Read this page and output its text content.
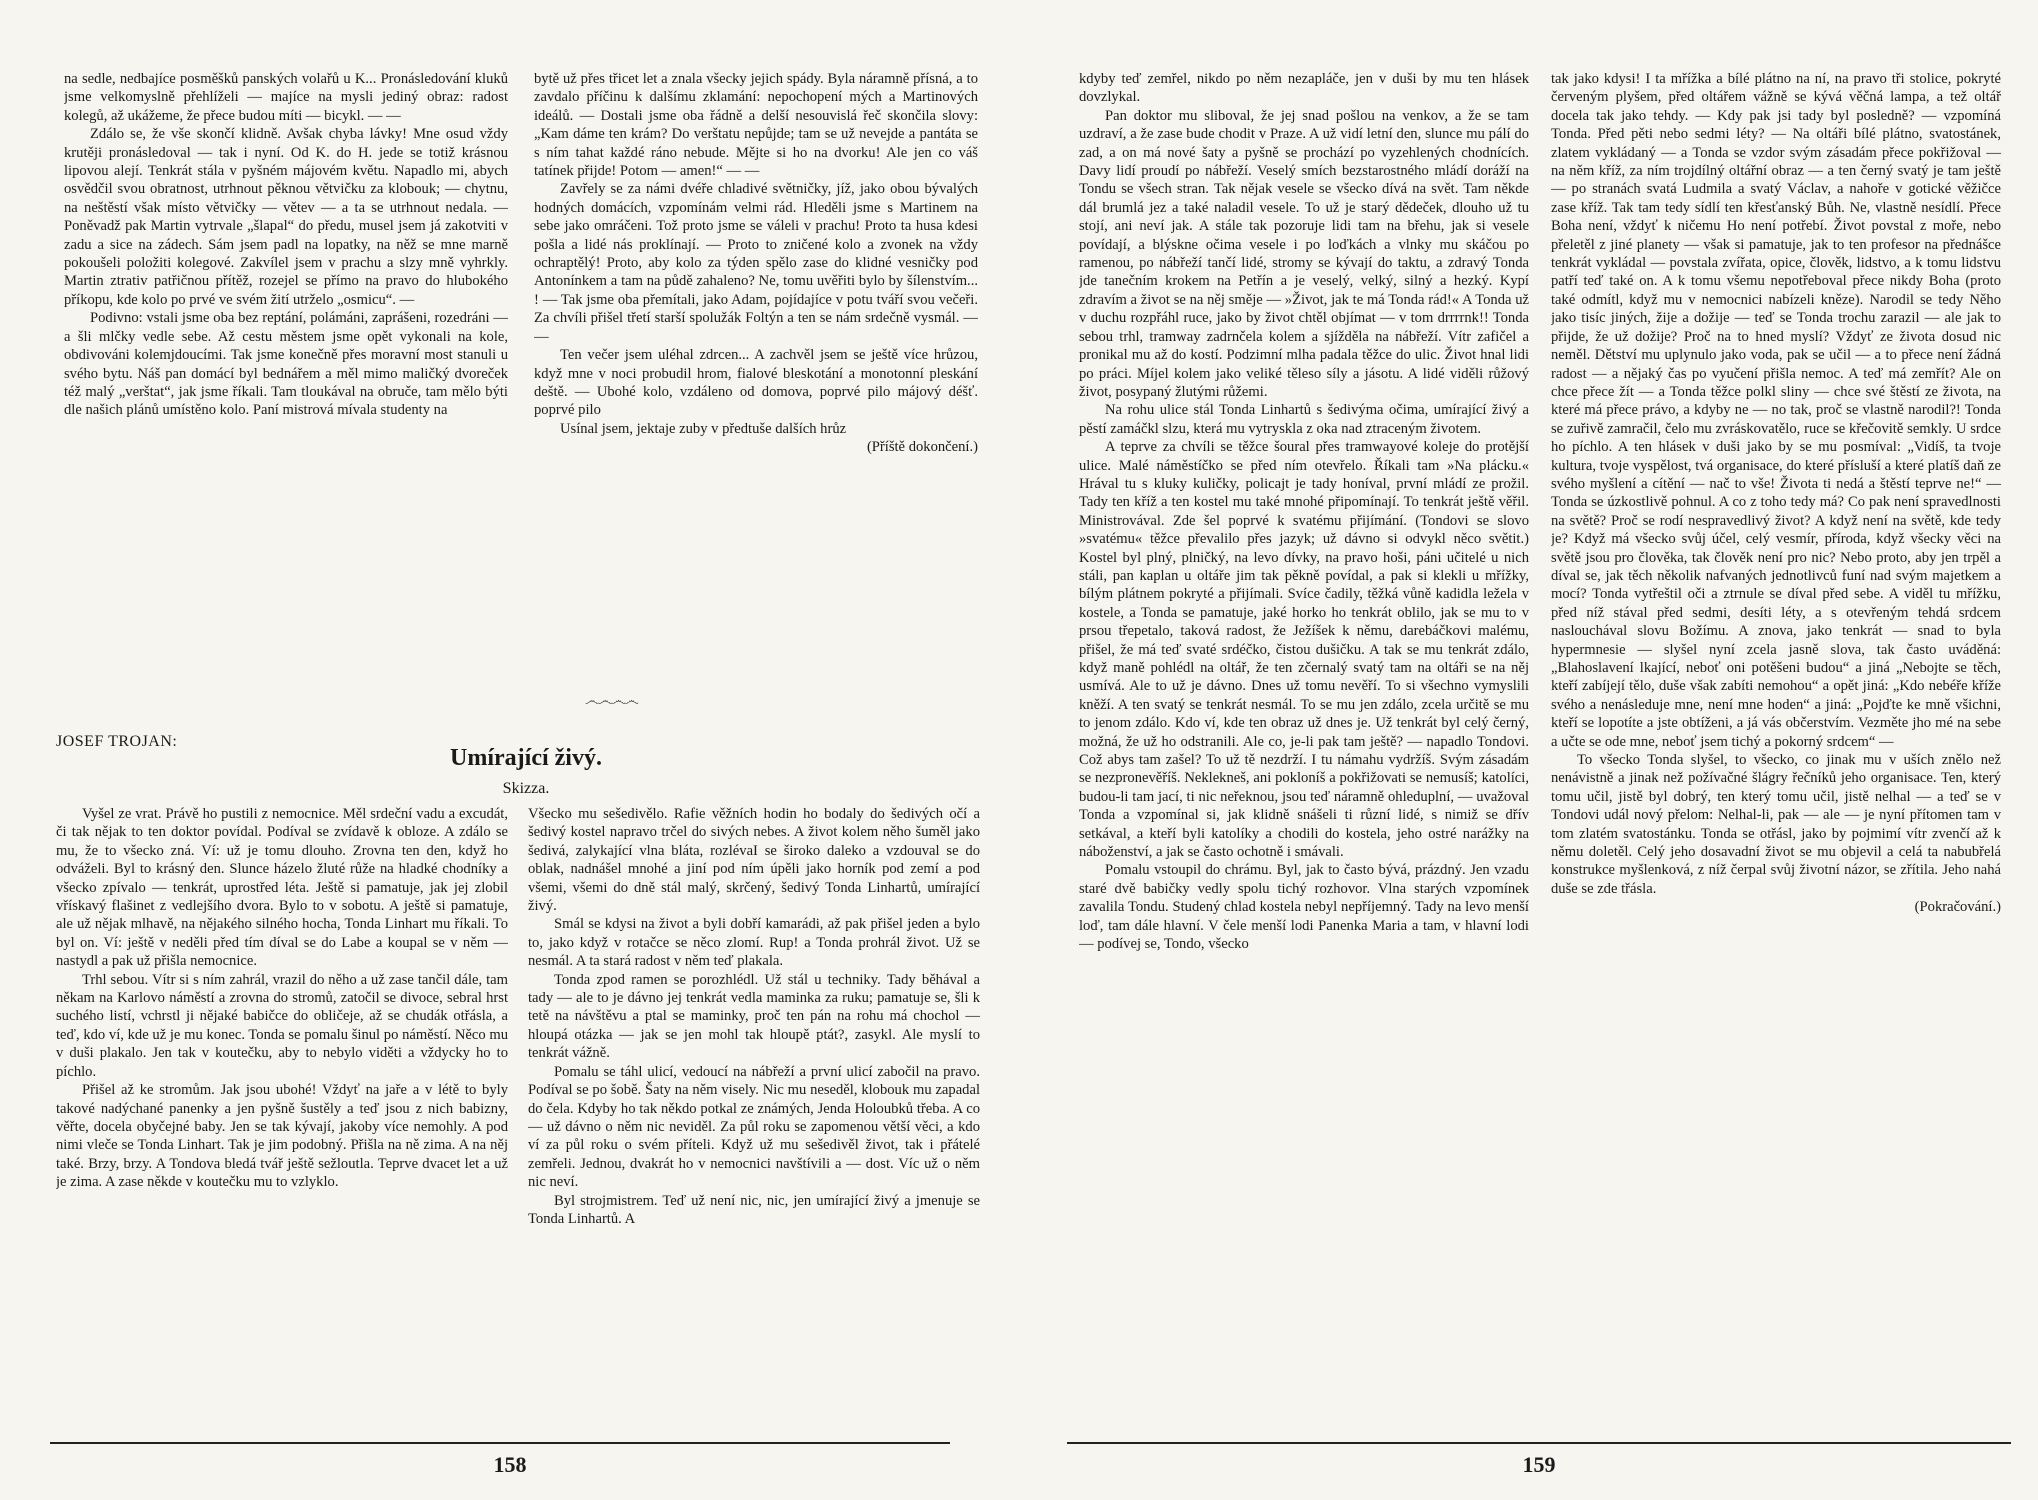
na sedle, nedbajíce posměšků panských volařů u K... Pronásledování kluků jsme velkomyslně přehlíželi — majíce na mysli jediný obraz: radost kolegů, až ukážeme, že přece budou míti — bicykl. — —

Zdálo se, že vše skončí klidně. Avšak chyba lávky! Mne osud vždy krutěji pronásledoval — tak i nyní. Od K. do H. jede se totiž krásnou lipovou alejí. Tenkrát stála v pyšném májovém květu. Napadlo mi, abych osvědčil svou obratnost, utrhnout pěknou větvičku za klobouk; — chytnu, na neštěstí však místo větvičky — větev — a ta se utrhnout nedala. — Poněvadž pak Martin vytrvale „šlapal“ do předu, musel jsem já zakotviti v zadu a sice na zádech. Sám jsem padl na lopatky, na něž se mne marně pokoušeli položiti kolegové. Zakvílel jsem v prachu a slzy mně vyhrkly. Martin ztrativ patřičnou přítěž, rozejel se přímo na pravo do hlubokého příkopu, kde kolo po prvé ve svém žití utrželo „osmicu“. —

Podivno: vstali jsme oba bez reptání, polámáni, zaprášeni, rozedráni — a šli mlčky vedle sebe. Až cestu městem jsme opět vykonali na kole, obdivováni kolemjdoucími. Tak jsme konečně přes moravní most stanuli u svého bytu. Náš pan domácí byl bednářem a měl mimo maličký dvoreček též malý „verštat“, jak jsme říkali. Tam tloukával na obruče, tam mělo býti dle našich plánů umístěno kolo. Paní mistrová mívala studenty na

bytě už přes třicet let a znala všecky jejich spády. Byla náramně přísná, a to zavdalo příčinu k dalšímu zklamání: nepochopení mých a Martinových ideálů. — Dostali jsme oba řádně a delší nesouvislá řeč skončila slovy: „Kam dáme ten krám? Do verštatu nepůjde; tam se už nevejde a pantáta se s ním tahat každé ráno nebude. Mějte si ho na dvorku! Ale jen co váš tatínek přijde! Potom — amen!“ — —

Zavřely se za námi dvéře chladivé světničky, jíž, jako obou bývalých hodných domácích, vzpomínám velmi rád. Hleděli jsme s Martinem na sebe jako omráčeni. Tož proto jsme se váleli v prachu! Proto ta husa kdesi pošla a lidé nás proklínají. — Proto to zničené kolo a zvonek na vždy ochraptělý! Proto, aby kolo za týden spělo zase do klidné vesničky pod Antonínkem a tam na půdě zahaleno? Ne, tomu uvěřiti bylo by šílenstvím... ! — Tak jsme oba přemítali, jako Adam, pojídajíce v potu tváří svou večeři. Za chvíli přišel třetí starší spolužák Foltýn a ten se nám srdečně vysmál. — —

Ten večer jsem uléhal zdrcen... A zachvěl jsem se ještě více hrůzou, když mne v noci probudil hrom, fialové bleskotání a monotonní pleskání deště. — Ubohé kolo, vzdáleno od domova, poprvé pilo májový déšť. poprvé pilo

Usínal jsem, jektaje zuby v předtuše dalších hrůz

(Příště dokončení.)

෴෴෴෴
JOSEF TROJAN:
Umírající živý.
Skizza.

Vyšel ze vrat. Právě ho pustili z nemocnice. Měl srdeční vadu a excudát, či tak nějak to ten doktor povídal. Podíval se zvídavě k obloze. A zdálo se mu, že to všecko zná. Ví: už je tomu dlouho. Zrovna ten den, když ho odváželi. Byl to krásný den. Slunce házelo žluté růže na hladké chodníky a všecko zpívalo — tenkrát, uprostřed léta. Ještě si pamatuje, jak jej zlobil vřískavý flašinet z vedlejšího dvora. Bylo to v sobotu. A ještě si pamatuje, ale už nějak mlhavě, na nějakého silného hocha, Tonda Linhart mu říkali. To byl on. Ví: ještě v neděli před tím díval se do Labe a koupal se v něm — nastydl a pak už přišla nemocnice.

Trhl sebou. Vítr si s ním zahrál, vrazil do něho a už zase tančil dále, tam někam na Karlovo náměstí a zrovna do stromů, zatočil se divoce, sebral hrst suchého listí, vchrstl ji nějaké babičce do obličeje, až se chudák otřásla, a teď, kdo ví, kde už je mu konec. Tonda se pomalu šinul po náměstí. Něco mu v duši plakalo. Jen tak v koutečku, aby to nebylo viděti a vždycky ho to píchlo.

Přišel až ke stromům. Jak jsou ubohé! Vždyť na jaře a v létě to byly takové nadýchané panenky a jen pyšně šustěly a teď jsou z nich babizny, věřte, docela obyčejné baby. Jen se tak kývají, jakoby více nemohly. A pod nimi vleče se Tonda Linhart. Tak je jim podobný. Přišla na ně zima. A na něj také. Brzy, brzy. A Tondova bledá tvář ještě sežloutla. Teprve dvacet let a už je zima. A zase někde v koutečku mu to vzlyklo.

Všecko mu sešedivělo. Rafie věžních hodin ho bodaly do šedivých očí a šedivý kostel napravo trčel do sivých nebes. A život kolem něho šuměl jako šedivá, zalykající vlna bláta, rozlévaI se široko daleko a vzdouval se do oblak, nadnášel mnohé a jiní pod ním úpěli jako horník pod zemí a pod všemi, všemi do dně stál malý, skrčený, šedivý Tonda Linhartů, umírající živý.

Smál se kdysi na život a byli dobří kamarádi, až pak přišel jeden a bylo to, jako když v rotačce se něco zlomí. Rup! a Tonda prohrál život. Už se nesmál. A ta stará radost v něm teď plakala.

Tonda zpod ramen se porozhlédl. Už stál u techniky. Tady běhával a tady — ale to je dávno jej tenkrát vedla maminka za ruku; pamatuje se, šli k tetě na návštěvu a ptal se maminky, proč ten pán na rohu má chochol — hloupá otázka — jak se jen mohl tak hloupě ptát?, zasykl. Ale myslí to tenkrát vážně.

Pomalu se táhl ulicí, vedoucí na nábřeží a první ulicí zabočil na pravo. Podíval se po šobě. Šaty na něm visely. Nic mu neseděl, klobouk mu zapadal do čela. Kdyby ho tak někdo potkal ze známých, Jenda Holoubků třeba. A co — už dávno o něm nic neviděl. Za půl roku se zapomenou větší věci, a kdo ví za půl roku o svém příteli. Když už mu sešedivěl život, tak i přátelé zemřeli. Jednou, dvakrát ho v nemocnici navštívili a — dost. Víc už o něm nic neví.

Byl strojmistrem. Teď už není nic, nic, jen umírající živý a jmenuje se Tonda Linhartů. A

158

kdyby teď zemřel, nikdo po něm nezapláče, jen v duši by mu ten hlásek dovzlykal.

Pan doktor mu sliboval, že jej snad pošlou na venkov, a že se tam uzdraví, a že zase bude chodit v Praze. A už vidí letní den, slunce mu pálí do zad, a on má nové šaty a pyšně se prochází po vyzehlených chodnících. Davy lidí proudí po nábřeží. Veselý smích bezstarostného mládí doráží na Tondu se všech stran. Tak nějak vesele se všecko dívá na svět. Tam někde dál brumlá jez a také naladil vesele. To už je starý dědeček, dlouho už tu stojí, ani neví jak. A stále tak pozoruje lidi tam na břehu, jak si vesele povídají, a blýskne očima vesele i po loďkách a vlnky mu skáčou po ramenou, po nábřeží tančí lidé, stromy se kývají do taktu, a zdravý Tonda jde tanečním krokem na Petřín a je veselý, velký, silný a hezký. Kypí zdravím a život se na něj směje — »Život, jak te má Tonda rád!« A Tonda už v duchu rozpřáhl ruce, jako by život chtěl objímat — v tom drrrrnk!! Tonda sebou trhl, tramway zadrnčela kolem a sjížděla na nábřeží. Vítr zafičel a pronikal mu až do kostí. Podzimní mlha padala těžce do ulic. Život hnal lidi po práci. Míjel kolem jako veliké těleso síly a jásotu. A lidé viděli růžový život, posypaný žlutými růžemi.

Na rohu ulice stál Tonda Linhartů s šedivýma očima, umírající živý a pěstí zamáčkl slzu, která mu vytryskla z oka nad ztraceným životem.

A teprve za chvíli se těžce šoural přes tramwayové koleje do protější ulice. Malé náměstíčko se před ním otevřelo. Říkali tam »Na plácku.« Hrával tu s kluky kuličky, policajt je tady honíval, první mládí ze prožil. Tady ten kříž a ten kostel mu také mnohé připomínají. To tenkrát ještě věřil. Ministrovával. Zde šel poprvé k svatému přijímání. (Tondovi se slovo »svatému« těžce převalilo přes jazyk; už dávno si odvykl něco světit.) Kostel byl plný, plničký, na levo dívky, na pravo hoši, páni učitelé u nich stáli, pan kaplan u oltáře jim tak pěkně povídal, a pak si klekli u mřížky, bílým plátnem pokryté a přijímali. Svíce čadily, těžká vůně kadidla ležela v kostele, a Tonda se pamatuje, jaké horko ho tenkrát oblilo, jak se mu to v prsou třepetalo, taková radost, že Ježíšek k němu, darebáčkovi malému, přišel, že má teď svaté srdéčko, čistou dušičku. A tak se mu tenkrát zdálo, když maně pohlédl na oltář, že ten zčernalý svatý tam na oltáři se na něj usmívá. Ale to už je dávno. Dnes už tomu nevěří. To si všechno vymyslili kněží. A ten svatý se tenkrát nesmál. To se mu jen zdálo, zcela určitě se mu to jenom zdálo. Kdo ví, kde ten obraz už dnes je. Už tenkrát byl celý černý, možná, že už ho odstranili. Ale co, je-li pak tam ještě? — napadlo Tondovi. Což abys tam zašel? To už tě nezdrží. I tu námahu vydržíš. Svým zásadám se nezpronevěříš. Neklekneš, ani pokloníš a pokřižovati se nemusíš; katolíci, budou-li tam jací, ti nic neřeknou, jsou teď náramně ohleduplní, — uvažoval Tonda a vzpomínal si, jak klidně snášeli ti různí lidé, s nimiž se dřív setkával, a kteří byli katolíky a chodili do kostela, jeho ostré narážky na náboženství, a jak se často ochotně i smávali.

Pomalu vstoupil do chrámu. Byl, jak to často bývá, prázdný. Jen vzadu staré dvě babičky vedly spolu tichý rozhovor. Vlna starých vzpomínek zavalila Tondu. Studený chlad kostela nebyl nepříjemný. Tady na levo menší loď, tam dále hlavní. V čele menší lodi Panenka Maria a tam, v hlavní lodi — podívej se, Tondo, všecko

tak jako kdysi! I ta mřížka a bílé plátno na ní, na pravo tři stolice, pokryté červeným plyšem, před oltářem vážně se kývá věčná lampa, a tež oltář docela tak jako tehdy. — Kdy pak jsi tady byl posledně? — vzpomíná Tonda. Před pěti nebo sedmi léty? — Na oltáři bílé plátno, svatostánek, zlatem vykládaný — a Tonda se vzdor svým zásadám přece pokřižoval — na něm kříž, za ním trojdílný oltářní obraz — a ten černý svatý je tam ještě — po stranách svatá Ludmila a svatý Václav, a nahoře v gotické věžičce zase kříž. Tak tam tedy sídlí ten křesťanský Bůh. Ne, vlastně nesídlí. Přece Boha není, vždyť k ničemu Ho není potřebí. Život povstal z moře, nebo přeletěl z jiné planety — však si pamatuje, jak to ten profesor na přednášce tenkrát vykládal — povstala zvířata, opice, člověk, lidstvo, a k tomu lidstvu patří teď také on. A k tomu všemu nepotřeboval přece nikdy Boha (proto také odmítl, když mu v nemocnici nabízeli kněze). Narodil se tedy Něho jako tisíc jiných, žije a dožije — teď se Tonda trochu zarazil — ale jak to přijde, že už dožije? Proč na to hned myslí? Vždyť ze života dosud nic neměl. Dětství mu uplynulo jako voda, pak se učil — a to přece není žádná radost — a nějaký čas po vyučení přišla nemoc. A teď má zemřít? Ale on chce přece žít — a Tonda těžce polkl sliny — chce své štěstí ze života, na které má přece právo, a kdyby ne — no tak, proč se vlastně narodil?! Tonda se zuřivě zamračil, čelo mu zvráskovatělo, ruce se křečovitě semkly. U srdce ho píchlo. A ten hlásek v duši jako by se mu posmíval: „Vidíš, ta tvoje kultura, tvoje vyspělost, tvá organisace, do které přísluší a které platíš daň ze svého myšlení a cítění — nač to vše! Života ti nedá a štěstí teprve ne!“ — Tonda se úzkostlivě pohnul. A co z toho tedy má? Co pak není spravedlnosti na světě? Proč se rodí nespravedlivý život? A když není na světě, kde tedy je? Když má všecko svůj účel, celý vesmír, příroda, když všecky věci na světě jsou pro člověka, tak člověk není pro nic? Nebo proto, aby jen trpěl a díval se, jak těch několik nafvaných jednotlivců funí nad svým majetkem a mocí? Tonda vytřeštil oči a ztrnule se díval před sebe. A viděl tu mřížku, před níž stával před sedmi, desíti léty, a s otevřeným tehdá srdcem naslouchával slovu Božímu. A znova, jako tenkrát — snad to byla hypermnesie — slyšel nyní zcela jasně slova, tak často uváděná: „Blahoslavení lkající, neboť oni potěšeni budou“ a jiná „Nebojte se těch, kteří zabíjejí tělo, duše však zabíti nemohou“ a opět jiná: „Kdo nebéře kříže svého a nenásleduje mne, není mne hoden“ a jiná: „Pojďte ke mně všichni, kteří se lopotíte a jste obtíženi, a já vás občerstvím. Vezměte jho mé na sebe a učte se ode mne, neboť jsem tichý a pokorný srdcem“ —

To všecko Tonda slyšel, to všecko, co jinak mu v uších znělo než nenávistně a jinak než požívačné šlágry řečníků jeho organisace. Ten, který tomu učil, jistě byl dobrý, ten který tomu učil, jistě nelhal — a teď se v Tondovi udál nový přelom: Nelhal-li, pak — ale — je nyní přítomen tam v tom zlatém svatostánku. Tonda se otřásl, jako by pojmimí vítr zvenčí až k němu doletěl. Celý jeho dosavadní život se mu objevil a celá ta nabubřelá konstrukce myšlenková, z níž čerpal svůj životní názor, se zřítila. Jeho nahá duše se zde třásla.

(Pokračování.)

159
